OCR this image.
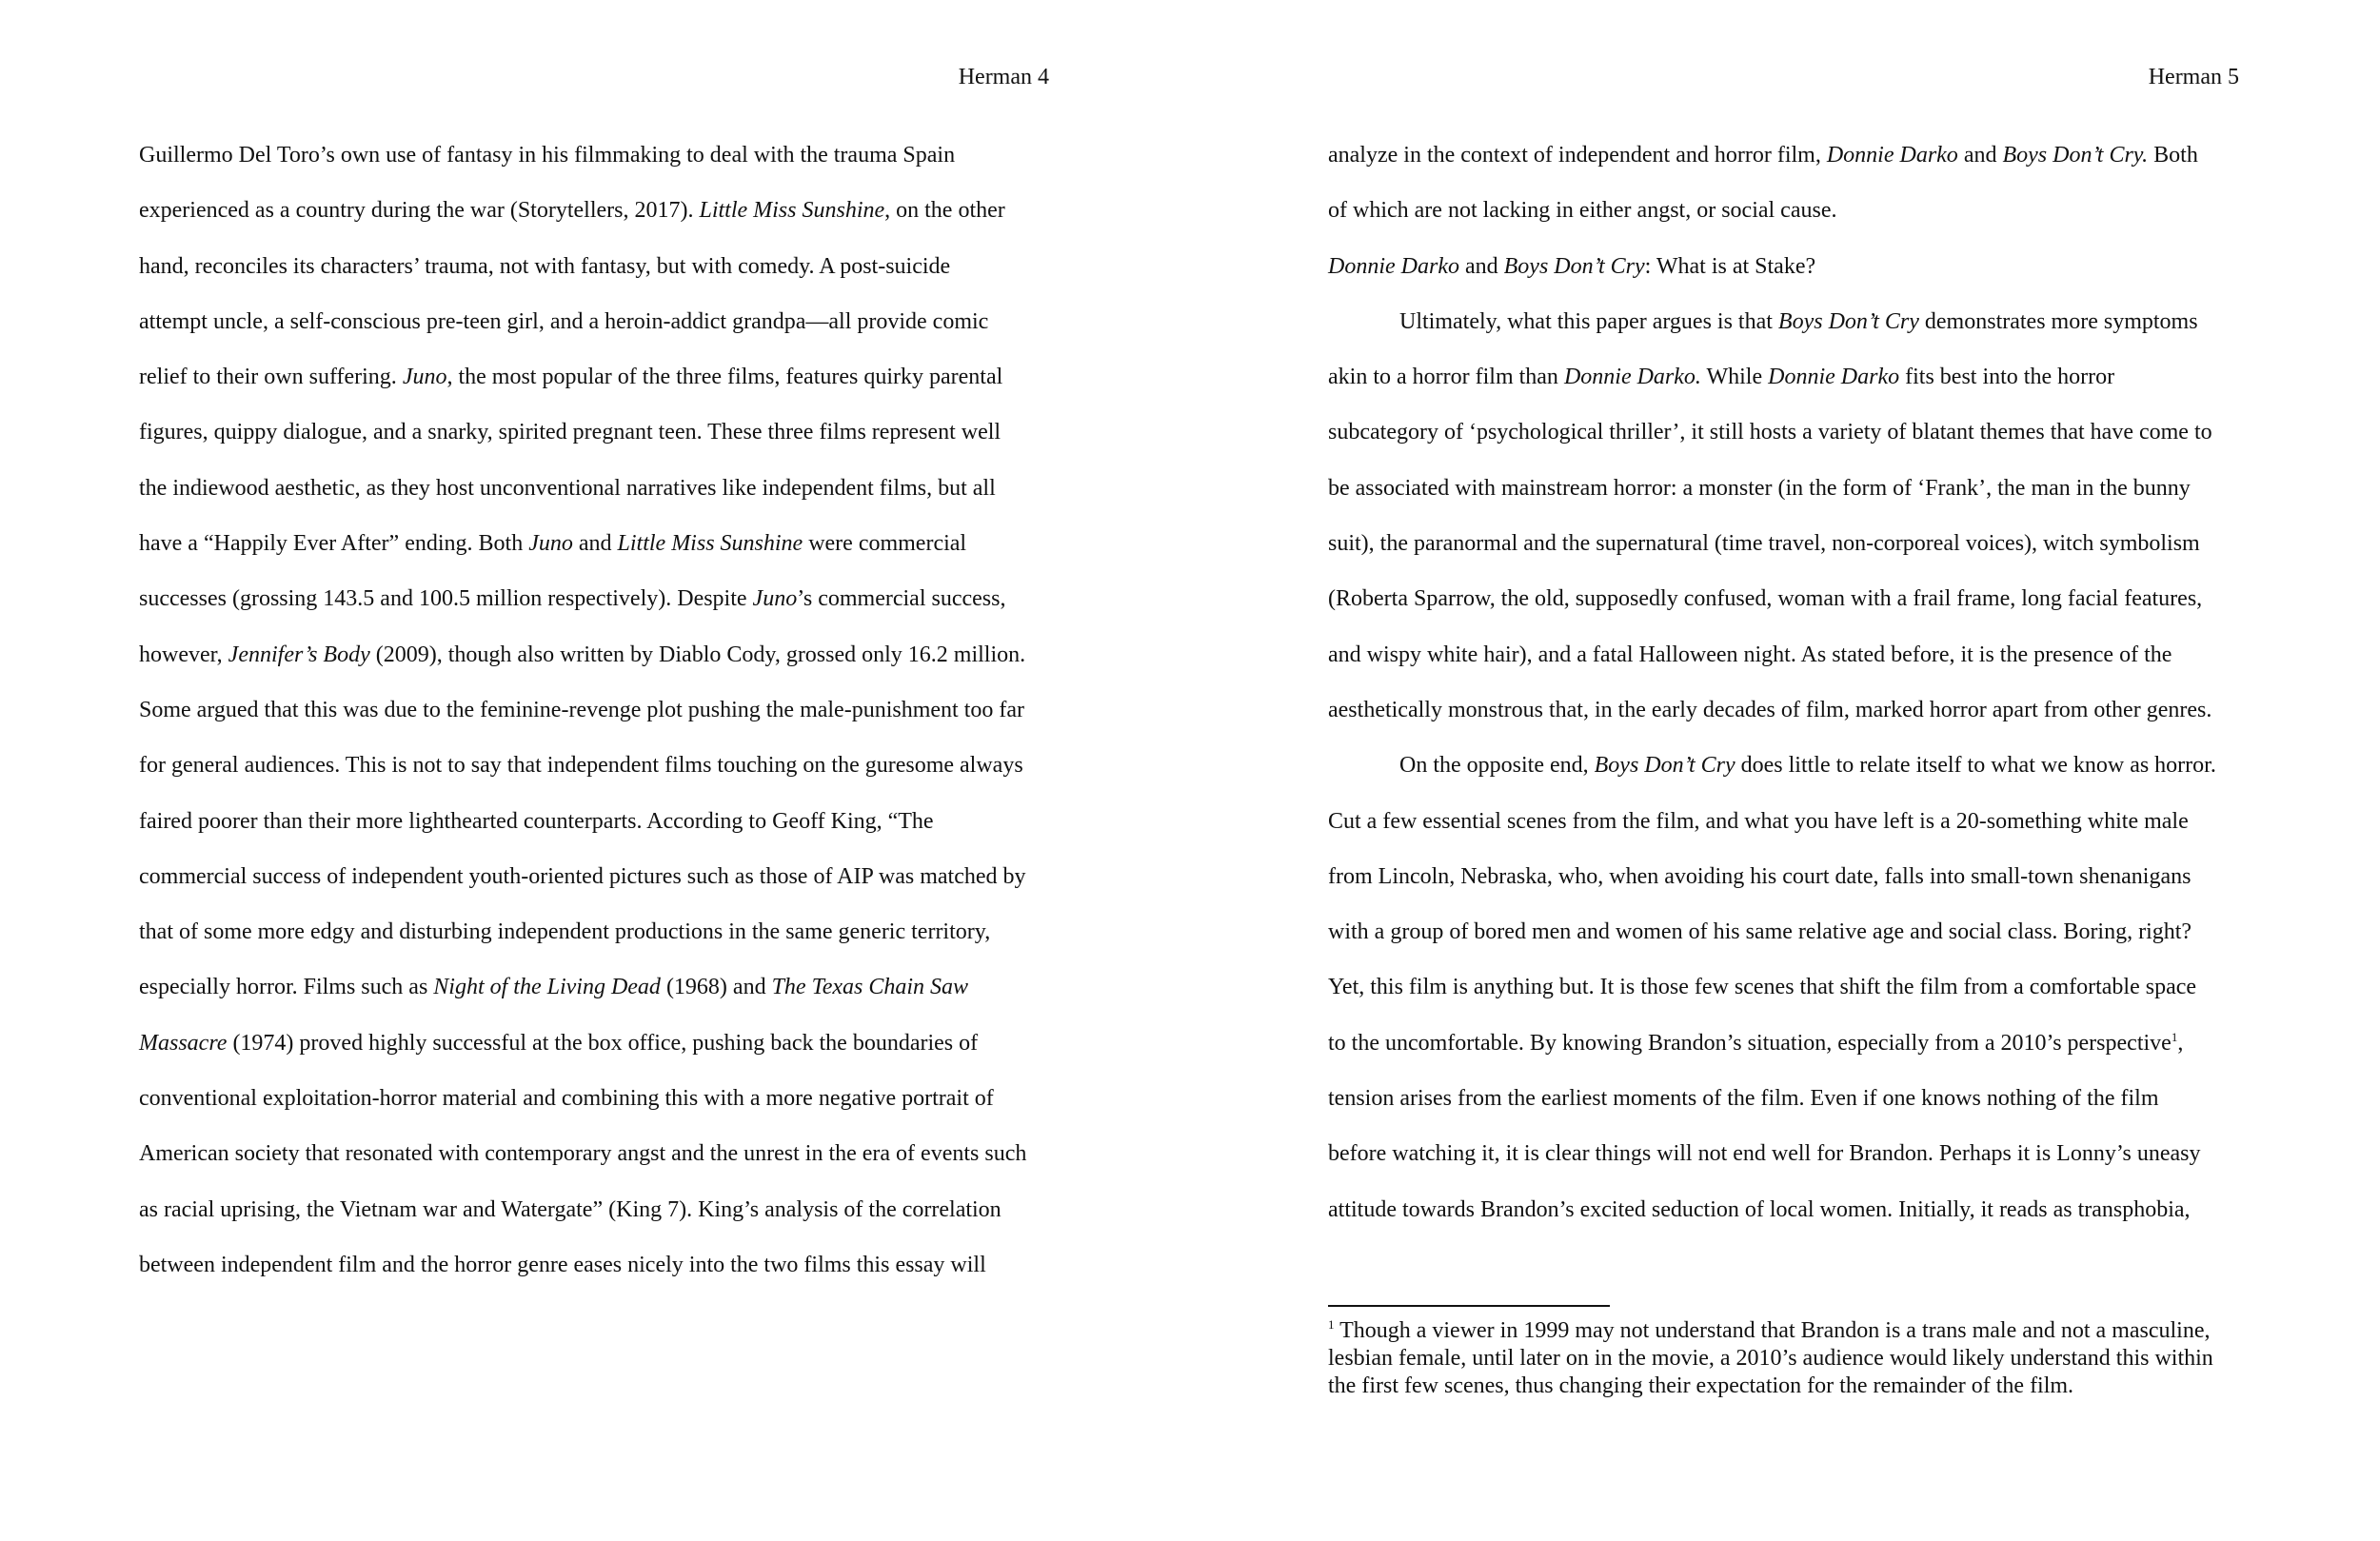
Herman 4
Guillermo Del Toro’s own use of fantasy in his filmmaking to deal with the trauma Spain
experienced as a country during the war (Storytellers, 2017). Little Miss Sunshine, on the other
hand, reconciles its characters’ trauma, not with fantasy, but with comedy. A post-suicide
attempt uncle, a self-conscious pre-teen girl, and a heroin-addict grandpa—all provide comic
relief to their own suffering. Juno, the most popular of the three films, features quirky parental
figures, quippy dialogue, and a snarky, spirited pregnant teen. These three films represent well
the indiewood aesthetic, as they host unconventional narratives like independent films, but all
have a “Happily Ever After” ending. Both Juno and Little Miss Sunshine were commercial
successes (grossing 143.5 and 100.5 million respectively). Despite Juno’s commercial success,
however, Jennifer’s Body (2009), though also written by Diablo Cody, grossed only 16.2 million.
Some argued that this was due to the feminine-revenge plot pushing the male-punishment too far
for general audiences. This is not to say that independent films touching on the guresome always
faired poorer than their more lighthearted counterparts. According to Geoff King, “The
commercial success of independent youth-oriented pictures such as those of AIP was matched by
that of some more edgy and disturbing independent productions in the same generic territory,
especially horror. Films such as Night of the Living Dead (1968) and The Texas Chain Saw
Massacre (1974) proved highly successful at the box office, pushing back the boundaries of
conventional exploitation-horror material and combining this with a more negative portrait of
American society that resonated with contemporary angst and the unrest in the era of events such
as racial uprising, the Vietnam war and Watergate” (King 7). King’s analysis of the correlation
between independent film and the horror genre eases nicely into the two films this essay will
Herman 5
analyze in the context of independent and horror film, Donnie Darko and Boys Don’t Cry. Both
of which are not lacking in either angst, or social cause.
Donnie Darko and Boys Don’t Cry: What is at Stake?
Ultimately, what this paper argues is that Boys Don’t Cry demonstrates more symptoms
akin to a horror film than Donnie Darko. While Donnie Darko fits best into the horror
subcategory of ‘psychological thriller’, it still hosts a variety of blatant themes that have come to
be associated with mainstream horror: a monster (in the form of ‘Frank’, the man in the bunny
suit), the paranormal and the supernatural (time travel, non-corporeal voices), witch symbolism
(Roberta Sparrow, the old, supposedly confused, woman with a frail frame, long facial features,
and wispy white hair), and a fatal Halloween night. As stated before, it is the presence of the
aesthetically monstrous that, in the early decades of film, marked horror apart from other genres.
On the opposite end, Boys Don’t Cry does little to relate itself to what we know as horror.
Cut a few essential scenes from the film, and what you have left is a 20-something white male
from Lincoln, Nebraska, who, when avoiding his court date, falls into small-town shenanigans
with a group of bored men and women of his same relative age and social class. Boring, right?
Yet, this film is anything but. It is those few scenes that shift the film from a comfortable space
to the uncomfortable. By knowing Brandon’s situation, especially from a 2010’s perspective$^1$,
tension arises from the earliest moments of the film. Even if one knows nothing of the film
before watching it, it is clear things will not end well for Brandon. Perhaps it is Lonny’s uneasy
attitude towards Brandon’s excited seduction of local women. Initially, it reads as transphobia,
$^1$ Though a viewer in 1999 may not understand that Brandon is a trans male and not a masculine,
lesbian female, until later on in the movie, a 2010’s audience would likely understand this within
the first few scenes, thus changing their expectation for the remainder of the film.
